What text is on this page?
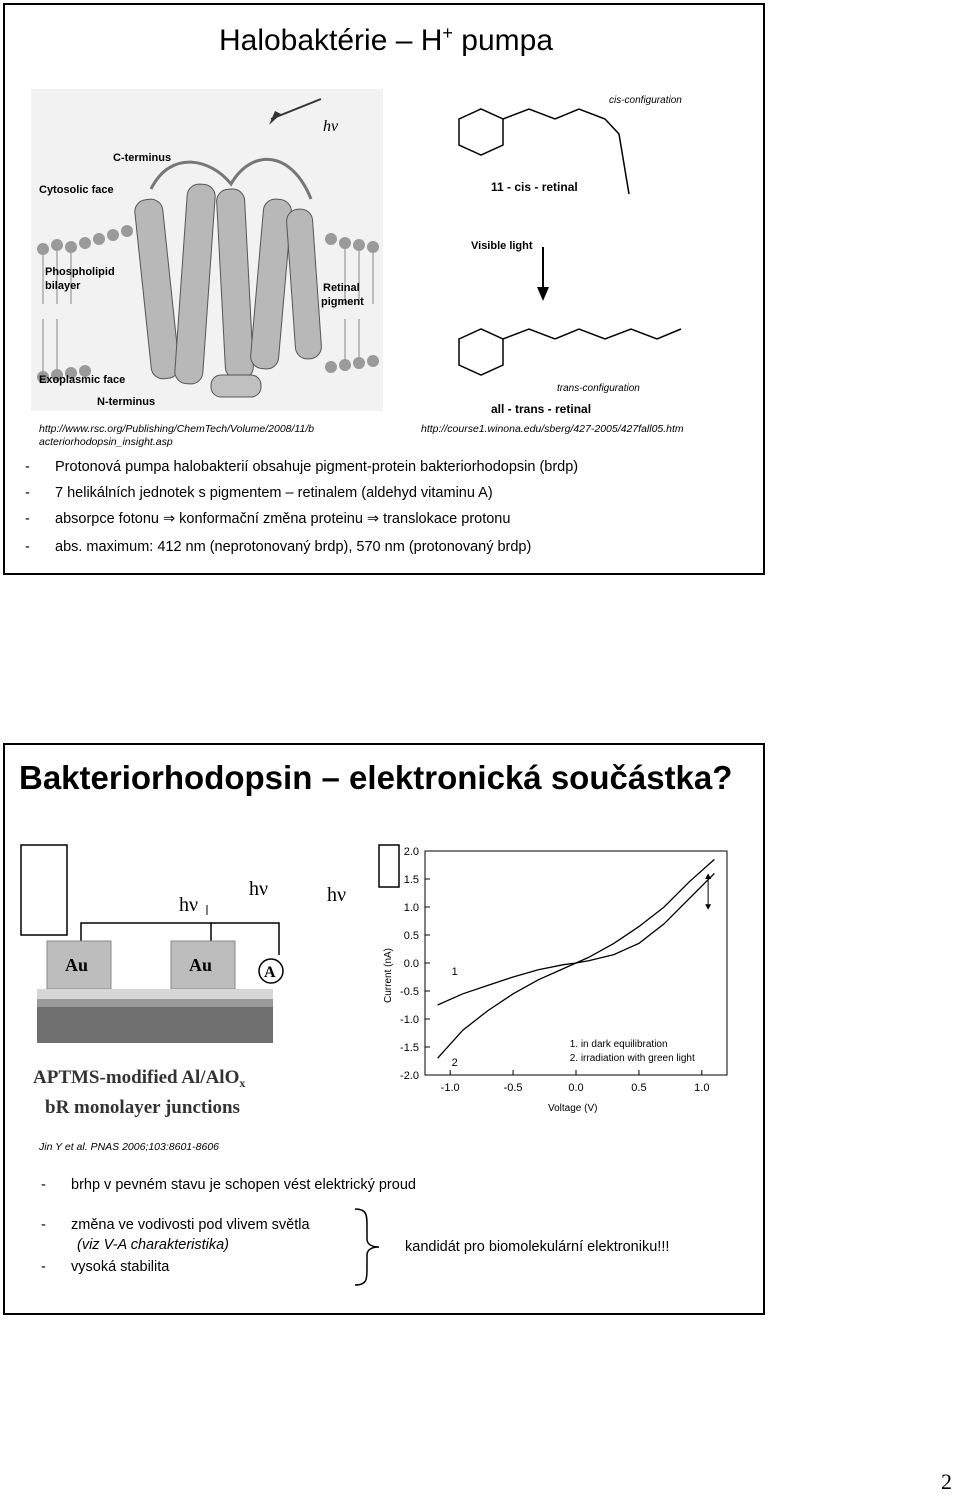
Halobaktérie – H+ pumpa
hν
C-terminus
Cytosolic face
Phospholipid
bilayer	Retinal
pigment
Exoplasmic face
N-terminus
cis-configuration
11 - cis - retinal
Visible light
trans-configuration
all - trans - retinal
http://www.rsc.org/Publishing/ChemTech/Volume/2008/11/b
acteriorhodopsin_insight.asp
http://course1.winona.edu/sberg/427-2005/427fall05.htm
- Protonová pumpa halobakterií obsahuje pigment-protein bakteriorhodopsin (brdp)
- 7 helikálních jednotek s pigmentem – retinalem (aldehyd vitaminu A)
- absorpce fotonu ⇒ konformační změna proteinu ⇒ translokace protonu
- abs. maximum: 412 nm (neprotonovaný brdp), 570 nm (protonovaný brdp)
Bakteriorhodopsin – elektronická součástka?
hν	hν
hν
Au	Au	A
APTMS-modified Al/AlO$_x$
bR monolayer junctions
2.0
1.5
1.0
0.5
0.0
-0.5
-1.0
-1.5
-2.0
-1.0	-0.5	0.0	0.5	1.0
1
2
1. in dark equilibration
2. irradiation with green light
Current (nA)
Voltage (V)
Jin Y et al. PNAS 2006;103:8601-8606
- brhp v pevném stavu je schopen vést elektrický proud
- změna ve vodivosti pod vlivem světla
(viz V-A charakteristika)
- vysoká stabilita
kandidát pro biomolekulární elektroniku!!!
2
